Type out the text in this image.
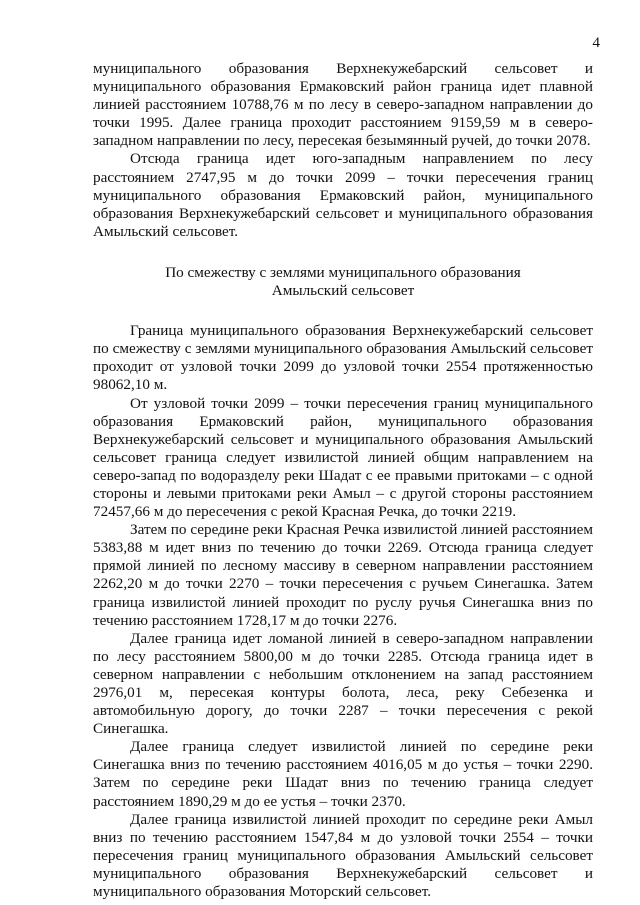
4

муниципального образования Верхнекужебарский сельсовет и муниципального образования Ермаковский район граница идет плавной линией расстоянием 10788,76 м по лесу в северо-западном направлении до точки 1995. Далее граница проходит расстоянием 9159,59 м в северо-западном направлении по лесу, пересекая безымянный ручей, до точки 2078.

Отсюда граница идет юго-западным направлением по лесу расстоянием 2747,95 м до точки 2099 – точки пересечения границ муниципального образования Ермаковский район, муниципального образования Верхнекужебарский сельсовет и муниципального образования Амыльский сельсовет.

По смежеству с землями муниципального образования
Амыльский сельсовет

Граница муниципального образования Верхнекужебарский сельсовет по смежеству с землями муниципального образования Амыльский сельсовет проходит от узловой точки 2099 до узловой точки 2554 протяженностью 98062,10 м.

От узловой точки 2099 – точки пересечения границ муниципального образования Ермаковский район, муниципального образования Верхнекужебарский сельсовет и муниципального образования Амыльский сельсовет граница следует извилистой линией общим направлением на северо-запад по водоразделу реки Шадат с ее правыми притоками – с одной стороны и левыми притоками реки Амыл – с другой стороны расстоянием 72457,66 м до пересечения с рекой Красная Речка, до точки 2219.

Затем по середине реки Красная Речка извилистой линией расстоянием 5383,88 м идет вниз по течению до точки 2269. Отсюда граница следует прямой линией по лесному массиву в северном направлении расстоянием 2262,20 м до точки 2270 – точки пересечения с ручьем Синегашка. Затем граница извилистой линией проходит по руслу ручья Синегашка вниз по течению расстоянием 1728,17 м до точки 2276.

Далее граница идет ломаной линией в северо-западном направлении по лесу расстоянием 5800,00 м до точки 2285. Отсюда граница идет в северном направлении с небольшим отклонением на запад расстоянием 2976,01 м, пересекая контуры болота, леса, реку Себезенка и автомобильную дорогу, до точки 2287 – точки пересечения с рекой Синегашка.

Далее граница следует извилистой линией по середине реки Синегашка вниз по течению расстоянием 4016,05 м до устья – точки 2290. Затем по середине реки Шадат вниз по течению граница следует расстоянием 1890,29 м до ее устья – точки 2370.

Далее граница извилистой линией проходит по середине реки Амыл вниз по течению расстоянием 1547,84 м до узловой точки 2554 – точки пересечения границ муниципального образования Амыльский сельсовет муниципального образования Верхнекужебарский сельсовет и муниципального образования Моторский сельсовет.
